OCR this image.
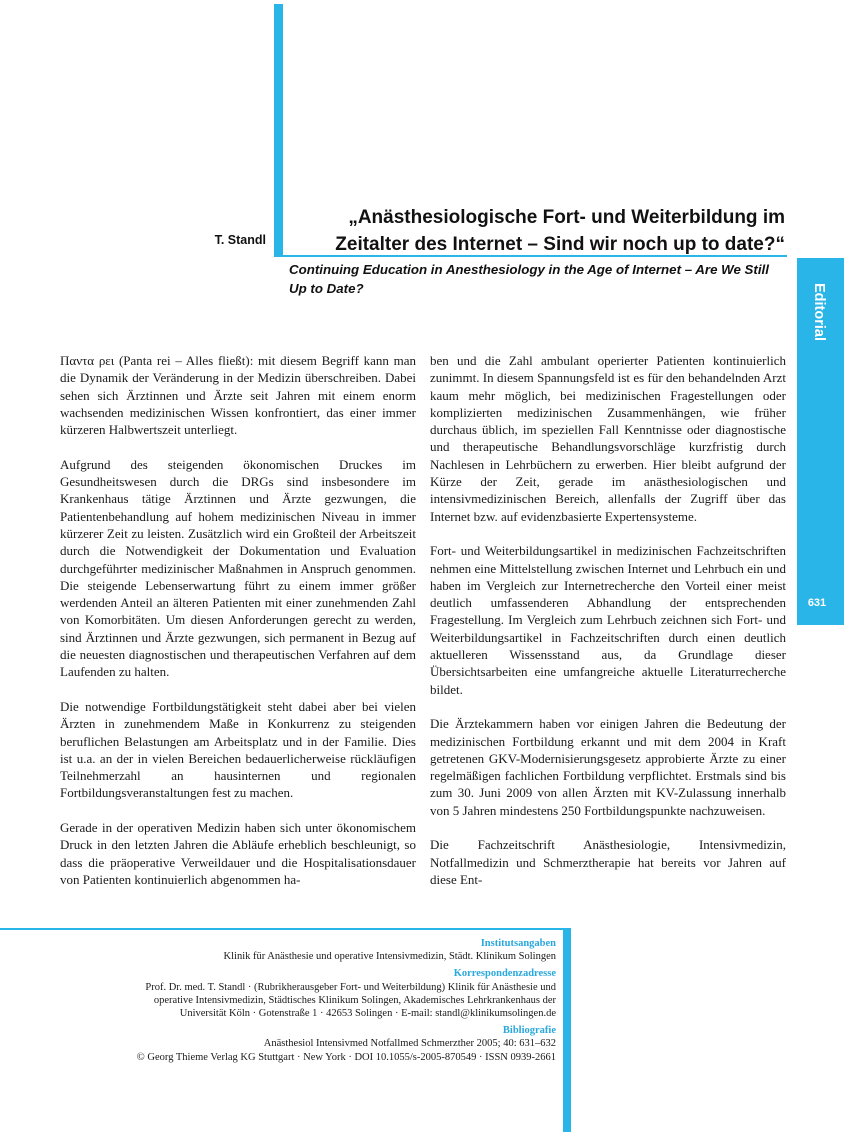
T. Standl
„Anästhesiologische Fort- und Weiterbildung im
Zeitalter des Internet – Sind wir noch up to date?“
Continuing Education in Anesthesiology in the Age of Internet – Are We Still Up to Date?	Editorial
631

Παντα ρει (Panta rei – Alles fließt): mit diesem Begriff kann man die Dynamik der Veränderung in der Medizin überschreiben. Dabei sehen sich Ärztinnen und Ärzte seit Jahren mit einem enorm wachsenden medizinischen Wissen konfrontiert, das einer immer kürzeren Halbwertszeit unterliegt.

Aufgrund des steigenden ökonomischen Druckes im Gesundheitswesen durch die DRGs sind insbesondere im Krankenhaus tätige Ärztinnen und Ärzte gezwungen, die Patientenbehandlung auf hohem medizinischen Niveau in immer kürzerer Zeit zu leisten. Zusätzlich wird ein Großteil der Arbeitszeit durch die Notwendigkeit der Dokumentation und Evaluation durchgeführter medizinischer Maßnahmen in Anspruch genommen. Die steigende Lebenserwartung führt zu einem immer größer werdenden Anteil an älteren Patienten mit einer zunehmenden Zahl von Komorbitäten. Um diesen Anforderungen gerecht zu werden, sind Ärztinnen und Ärzte gezwungen, sich permanent in Bezug auf die neuesten diagnostischen und therapeutischen Verfahren auf dem Laufenden zu halten.

Die notwendige Fortbildungstätigkeit steht dabei aber bei vielen Ärzten in zunehmendem Maße in Konkurrenz zu steigenden beruflichen Belastungen am Arbeitsplatz und in der Familie. Dies ist u.a. an der in vielen Bereichen bedauerlicherweise rückläufigen Teilnehmerzahl an hausinternen und regionalen Fortbildungsveranstaltungen fest zu machen.

Gerade in der operativen Medizin haben sich unter ökonomischem Druck in den letzten Jahren die Abläufe erheblich beschleunigt, so dass die präoperative Verweildauer und die Hospitalisationsdauer von Patienten kontinuierlich abgenommen ha-

ben und die Zahl ambulant operierter Patienten kontinuierlich zunimmt. In diesem Spannungsfeld ist es für den behandelnden Arzt kaum mehr möglich, bei medizinischen Fragestellungen oder komplizierten medizinischen Zusammenhängen, wie früher durchaus üblich, im speziellen Fall Kenntnisse oder diagnostische und therapeutische Behandlungsvorschläge kurzfristig durch Nachlesen in Lehrbüchern zu erwerben. Hier bleibt aufgrund der Kürze der Zeit, gerade im anästhesiologischen und intensivmedizinischen Bereich, allenfalls der Zugriff über das Internet bzw. auf evidenzbasierte Expertensysteme.

Fort- und Weiterbildungsartikel in medizinischen Fachzeitschriften nehmen eine Mittelstellung zwischen Internet und Lehrbuch ein und haben im Vergleich zur Internetrecherche den Vorteil einer meist deutlich umfassenderen Abhandlung der entsprechenden Fragestellung. Im Vergleich zum Lehrbuch zeichnen sich Fort- und Weiterbildungsartikel in Fachzeitschriften durch einen deutlich aktuelleren Wissensstand aus, da Grundlage dieser Übersichtsarbeiten eine umfangreiche aktuelle Literaturrecherche bildet.

Die Ärztekammern haben vor einigen Jahren die Bedeutung der medizinischen Fortbildung erkannt und mit dem 2004 in Kraft getretenen GKV-Modernisierungsgesetz approbierte Ärzte zu einer regelmäßigen fachlichen Fortbildung verpflichtet. Erstmals sind bis zum 30. Juni 2009 von allen Ärzten mit KV-Zulassung innerhalb von 5 Jahren mindestens 250 Fortbildungspunkte nachzuweisen.

Die Fachzeitschrift Anästhesiologie, Intensivmedizin, Notfallmedizin und Schmerztherapie hat bereits vor Jahren auf diese Ent-

Institutsangaben
Klinik für Anästhesie und operative Intensivmedizin, Städt. Klinikum Solingen
Korrespondenzadresse
Prof. Dr. med. T. Standl · (Rubrikherausgeber Fort- und Weiterbildung) Klinik für Anästhesie und
operative Intensivmedizin, Städtisches Klinikum Solingen, Akademisches Lehrkrankenhaus der
Universität Köln · Gotenstraße 1 · 42653 Solingen · E-mail: standl@klinikumsolingen.de
Bibliografie
Anästhesiol Intensivmed Notfallmed Schmerzther 2005; 40: 631–632
© Georg Thieme Verlag KG Stuttgart · New York · DOI 10.1055/s-2005-870549 · ISSN 0939-2661
